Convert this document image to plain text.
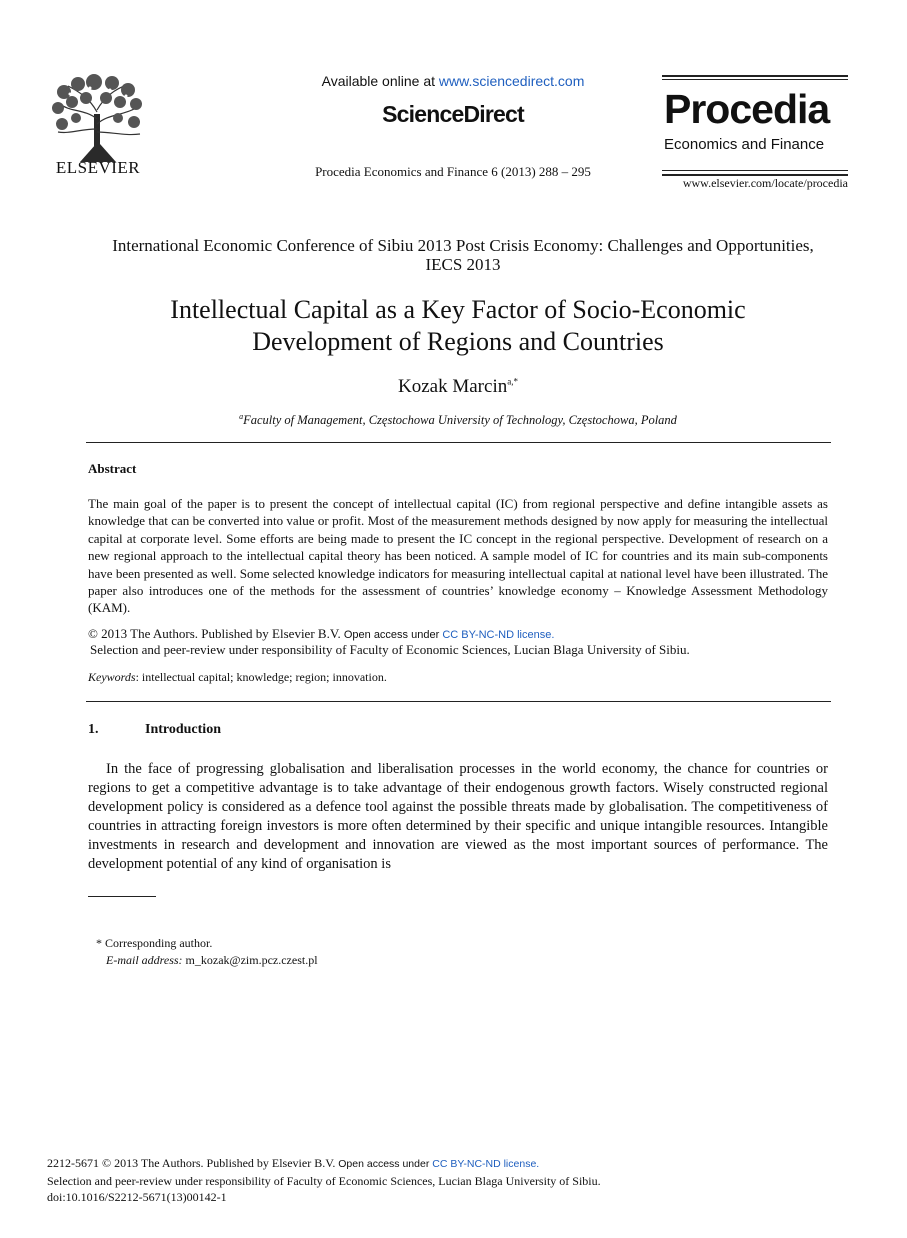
ELSEVIER
Available online at www.sciencedirect.com
ScienceDirect
Procedia Economics and Finance 6 (2013) 288 – 295
Procedia
Economics and Finance
www.elsevier.com/locate/procedia
International Economic Conference of Sibiu 2013 Post Crisis Economy: Challenges and Opportunities, IECS 2013
Intellectual Capital as a Key Factor of Socio-Economic
Development of Regions and Countries
Kozak Marcin$^{a,*}$
$^a$Faculty of Management, Częstochowa University of Technology, Częstochowa, Poland
Abstract

The main goal of the paper is to present the concept of intellectual capital (IC) from regional perspective and define intangible assets as knowledge that can be converted into value or profit. Most of the measurement methods designed by now apply for measuring the intellectual capital at corporate level. Some efforts are being made to present the IC concept in the regional perspective. Development of research on a new regional approach to the intellectual capital theory has been noticed. A sample model of IC for countries and its main sub-components have been presented as well. Some selected knowledge indicators for measuring intellectual capital at national level have been illustrated. The paper also introduces one of the methods for the assessment of countries’ knowledge economy – Knowledge Assessment Methodology (KAM).

© 2013 The Authors. Published by Elsevier B.V. Open access under CC BY-NC-ND license.
Selection and peer-review under responsibility of Faculty of Economic Sciences, Lucian Blaga University of Sibiu.
Keywords: intellectual capital; knowledge; region; innovation.
1.	Introduction

In the face of progressing globalisation and liberalisation processes in the world economy, the chance for countries or regions to get a competitive advantage is to take advantage of their endogenous growth factors. Wisely constructed regional development policy is considered as a defence tool against the possible threats made by globalisation. The competitiveness of countries in attracting foreign investors is more often determined by their specific and unique intangible resources. Intangible investments in research and development and innovation are viewed as the most important sources of performance. The development potential of any kind of organisation is

* Corresponding author.
E-mail address: m_kozak@zim.pcz.czest.pl
2212-5671 © 2013 The Authors. Published by Elsevier B.V. Open access under CC BY-NC-ND license.
Selection and peer-review under responsibility of Faculty of Economic Sciences, Lucian Blaga University of Sibiu.
doi:10.1016/S2212-5671(13)00142-1
